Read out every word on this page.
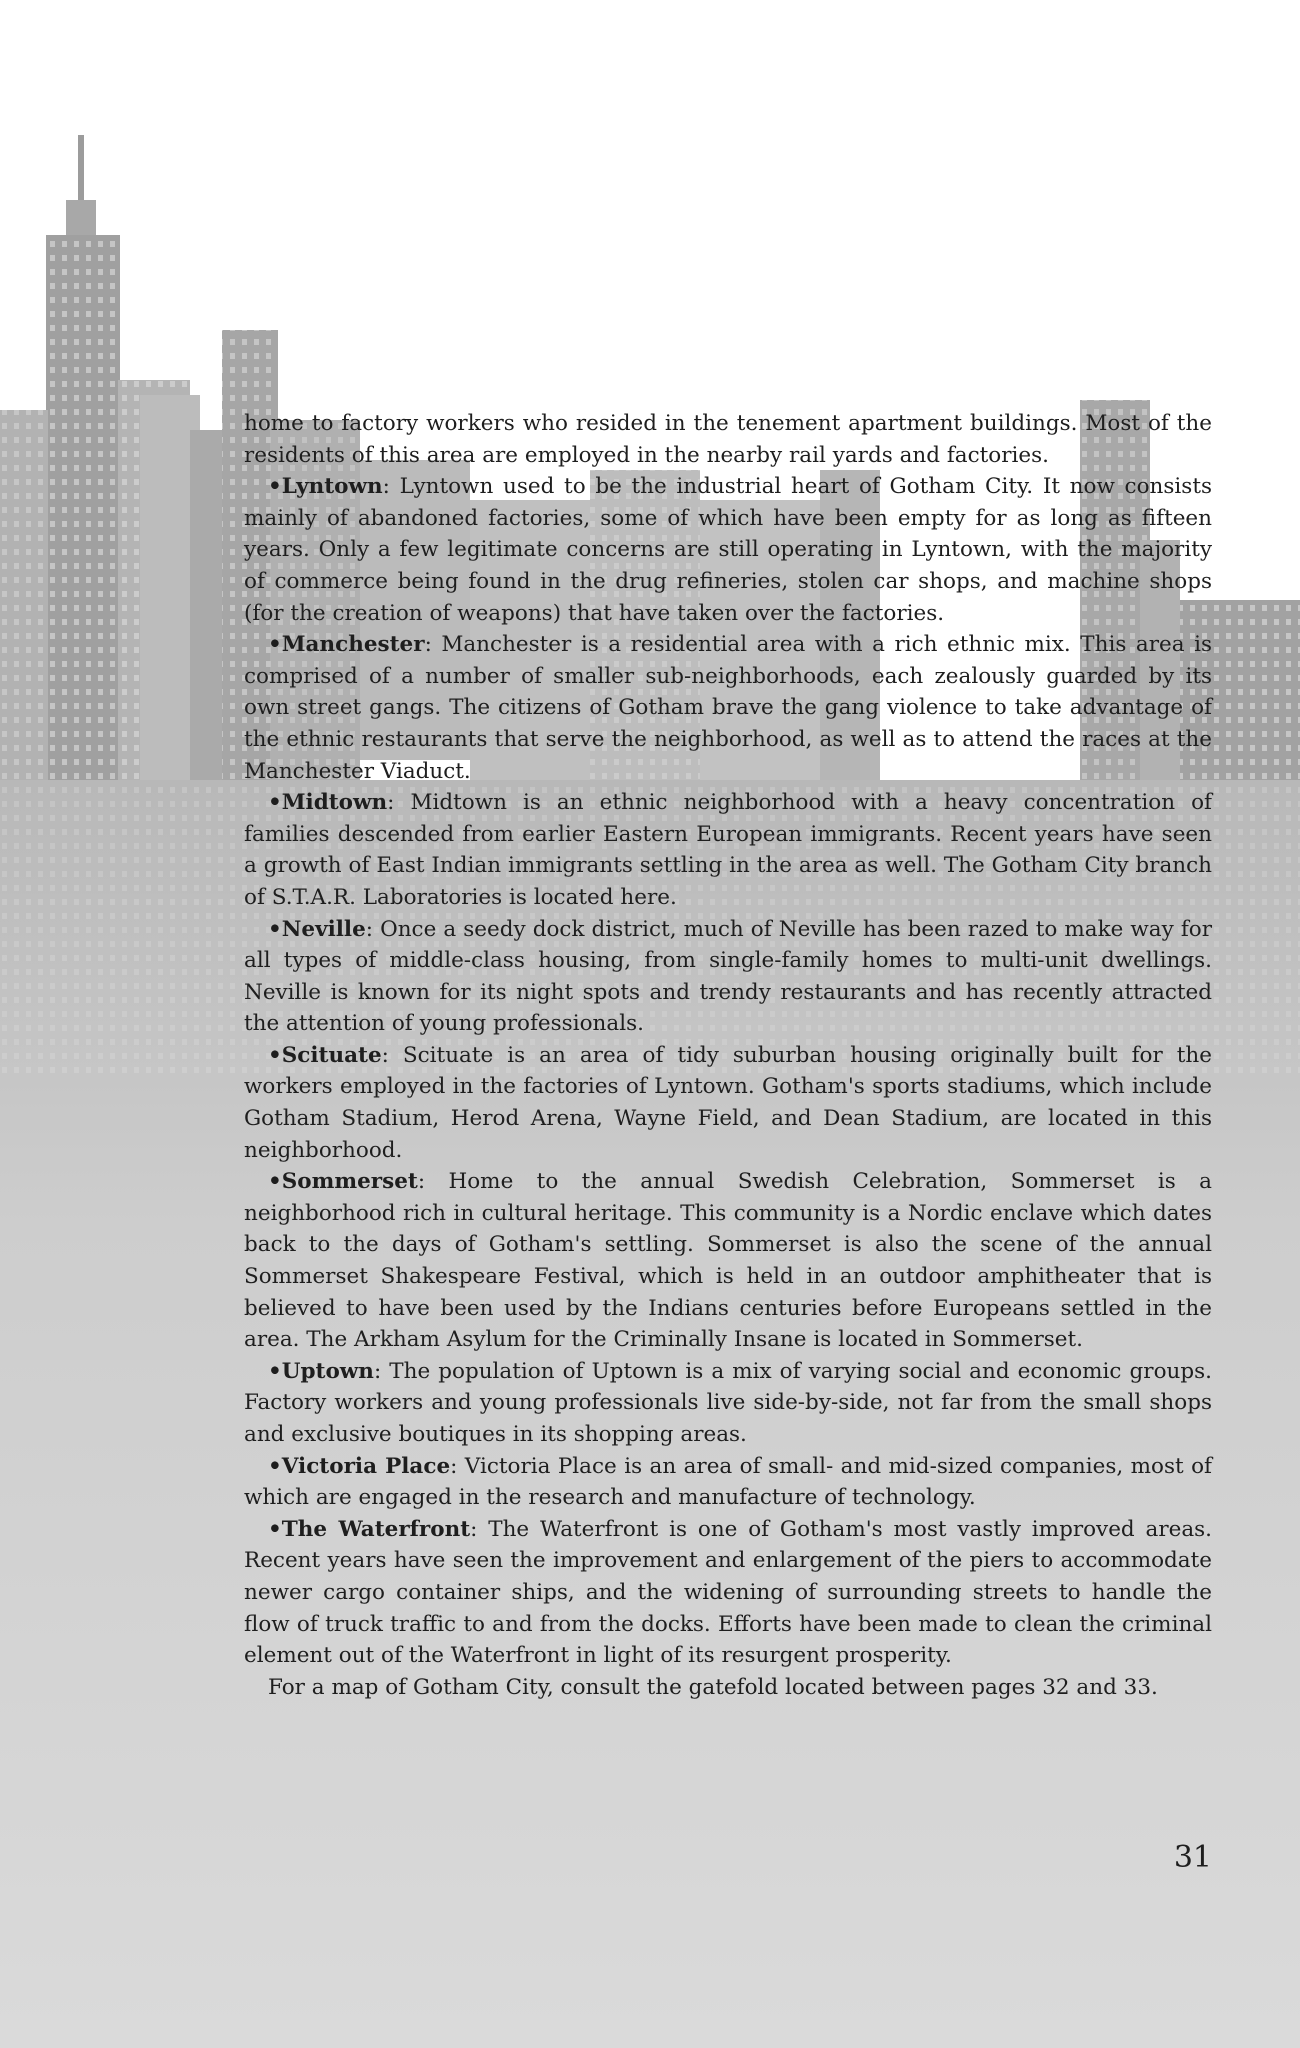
home to factory workers who resided in the tenement apartment buildings. Most of the residents of this area are employed in the nearby rail yards and factories.

•Lyntown: Lyntown used to be the industrial heart of Gotham City. It now consists mainly of abandoned factories, some of which have been empty for as long as fifteen years. Only a few legitimate concerns are still operating in Lyntown, with the majority of commerce being found in the drug refineries, stolen car shops, and machine shops (for the creation of weapons) that have taken over the factories.

•Manchester: Manchester is a residential area with a rich ethnic mix. This area is comprised of a number of smaller sub-neighborhoods, each zealously guarded by its own street gangs. The citizens of Gotham brave the gang violence to take advantage of the ethnic restaurants that serve the neighborhood, as well as to attend the races at the Manchester Viaduct.

•Midtown: Midtown is an ethnic neighborhood with a heavy concentration of families descended from earlier Eastern European immigrants. Recent years have seen a growth of East Indian immigrants settling in the area as well. The Gotham City branch of S.T.A.R. Laboratories is located here.

•Neville: Once a seedy dock district, much of Neville has been razed to make way for all types of middle-class housing, from single-family homes to multi-unit dwellings. Neville is known for its night spots and trendy restaurants and has recently attracted the attention of young professionals.

•Scituate: Scituate is an area of tidy suburban housing originally built for the workers employed in the factories of Lyntown. Gotham's sports stadiums, which include Gotham Stadium, Herod Arena, Wayne Field, and Dean Stadium, are located in this neighborhood.

•Sommerset: Home to the annual Swedish Celebration, Sommerset is a neighborhood rich in cultural heritage. This community is a Nordic enclave which dates back to the days of Gotham's settling. Sommerset is also the scene of the annual Sommerset Shakespeare Festival, which is held in an outdoor amphitheater that is believed to have been used by the Indians centuries before Europeans settled in the area. The Arkham Asylum for the Criminally Insane is located in Sommerset.

•Uptown: The population of Uptown is a mix of varying social and economic groups. Factory workers and young professionals live side-by-side, not far from the small shops and exclusive boutiques in its shopping areas.

•Victoria Place: Victoria Place is an area of small- and mid-sized companies, most of which are engaged in the research and manufacture of technology.

•The Waterfront: The Waterfront is one of Gotham's most vastly improved areas. Recent years have seen the improvement and enlargement of the piers to accommodate newer cargo container ships, and the widening of surrounding streets to handle the flow of truck traffic to and from the docks. Efforts have been made to clean the criminal element out of the Waterfront in light of its resurgent prosperity.

For a map of Gotham City, consult the gatefold located between pages 32 and 33.

31
